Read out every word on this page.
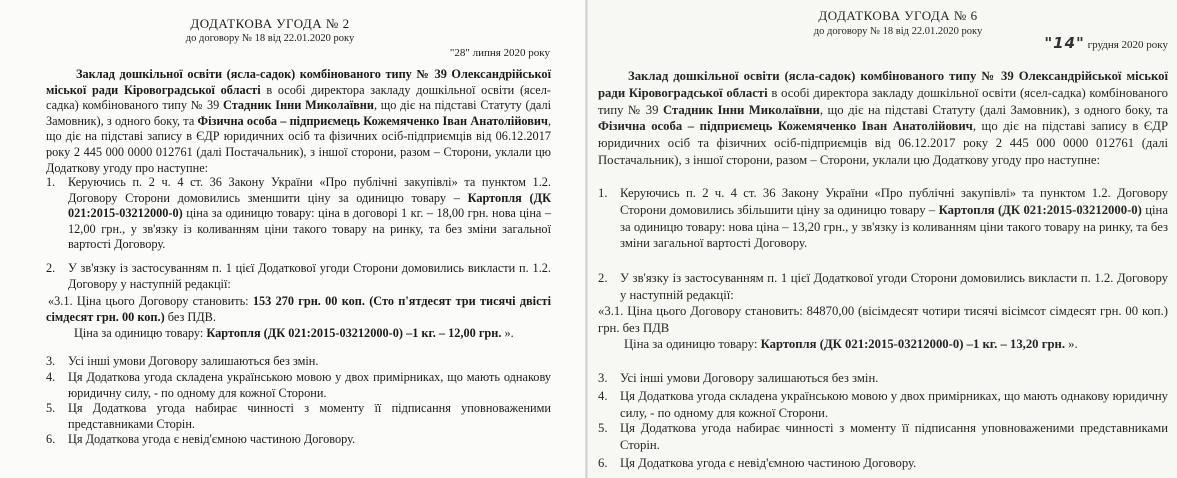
ДОДАТКОВА УГОДА № 2
до договору № 18 від 22.01.2020 року
"28" липня 2020 року

Заклад дошкільної освіти (ясла-садок) комбінованого типу № 39 Олександрійської міської ради Кіровоградської області в особі директора закладу дошкільної освіти (ясел-садка) комбінованого типу № 39 Стадник Інни Миколаївни, що діє на підставі Статуту (далі Замовник), з одного боку, та Фізична особа – підприємець Кожемяченко Іван Анатолійович, що діє на підставі запису в ЄДР юридичних осіб та фізичних осіб-підприємців від 06.12.2017 року 2 445 000 0000 012761 (далі Постачальник), з іншої сторони, разом – Сторони, уклали цю Додаткову угоду про наступне:

1.	Керуючись п. 2 ч. 4 ст. 36 Закону України «Про публічні закупівлі» та пунктом 1.2. Договору Сторони домовились зменшити ціну за одиницю товару – Картопля (ДК 021:2015-03212000-0) ціна за одиницю товару: ціна в договорі 1 кг. – 18,00 грн. нова ціна – 12,00 грн., у зв'язку із коливанням ціни такого товару на ринку, та без зміни загальної вартості Договору.
2.	У зв'язку із застосуванням п. 1 цієї Додаткової угоди Сторони домовились викласти п. 1.2. Договору у наступній редакції:

«3.1. Ціна цього Договору становить: 153 270 грн. 00 коп. (Сто п'ятдесят три тисячі двісті сімдесят грн. 00 коп.) без ПДВ.

Ціна за одиницю товару: Картопля (ДК 021:2015-03212000-0) –1 кг. – 12,00 грн. ».

3.	Усі інші умови Договору залишаються без змін.
4.	Ця Додаткова угода складена українською мовою у двох примірниках, що мають однакову юридичну силу, - по одному для кожної Сторони.
5.	Ця Додаткова угода набирає чинності з моменту її підписання уповноваженими представниками Сторін.
6.	Ця Додаткова угода є невід'ємною частиною Договору.
ДОДАТКОВА УГОДА № 6
до договору № 18 від 22.01.2020 року
"14" грудня 2020 року

Заклад дошкільної освіти (ясла-садок) комбінованого типу № 39 Олександрійської міської ради Кіровоградської області в особі директора закладу дошкільної освіти (ясел-садка) комбінованого типу № 39 Стадник Інни Миколаївни, що діє на підставі Статуту (далі Замовник), з одного боку, та Фізична особа – підприємець Кожемяченко Іван Анатолійович, що діє на підставі запису в ЄДР юридичних осіб та фізичних осіб-підприємців від 06.12.2017 року 2 445 000 0000 012761 (далі Постачальник), з іншої сторони, разом – Сторони, уклали цю Додаткову угоду про наступне:

1. Керуючись п. 2 ч. 4 ст. 36 Закону України «Про публічні закупівлі» та пунктом 1.2. Договору Сторони домовились збільшити ціну за одиницю товару – Картопля (ДК 021:2015-03212000-0) ціна за одиницю товару: нова ціна – 13,20 грн., у зв'язку із коливанням ціни такого товару на ринку, та без зміни загальної вартості Договору.
2. У зв'язку із застосуванням п. 1 цієї Додаткової угоди Сторони домовились викласти п. 1.2. Договору у наступній редакції:

«3.1. Ціна цього Договору становить: 84870,00 (вісімдесят чотири тисячі вісімсот сімдесят грн. 00 коп.) грн. без ПДВ

Ціна за одиницю товару: Картопля (ДК 021:2015-03212000-0) –1 кг. – 13,20 грн. ».

3. Усі інші умови Договору залишаються без змін.
4. Ця Додаткова угода складена українською мовою у двох примірниках, що мають однакову юридичну силу, - по одному для кожної Сторони.
5. Ця Додаткова угода набирає чинності з моменту її підписання уповноваженими представниками Сторін.
6. Ця Додаткова угода є невід'ємною частиною Договору.
